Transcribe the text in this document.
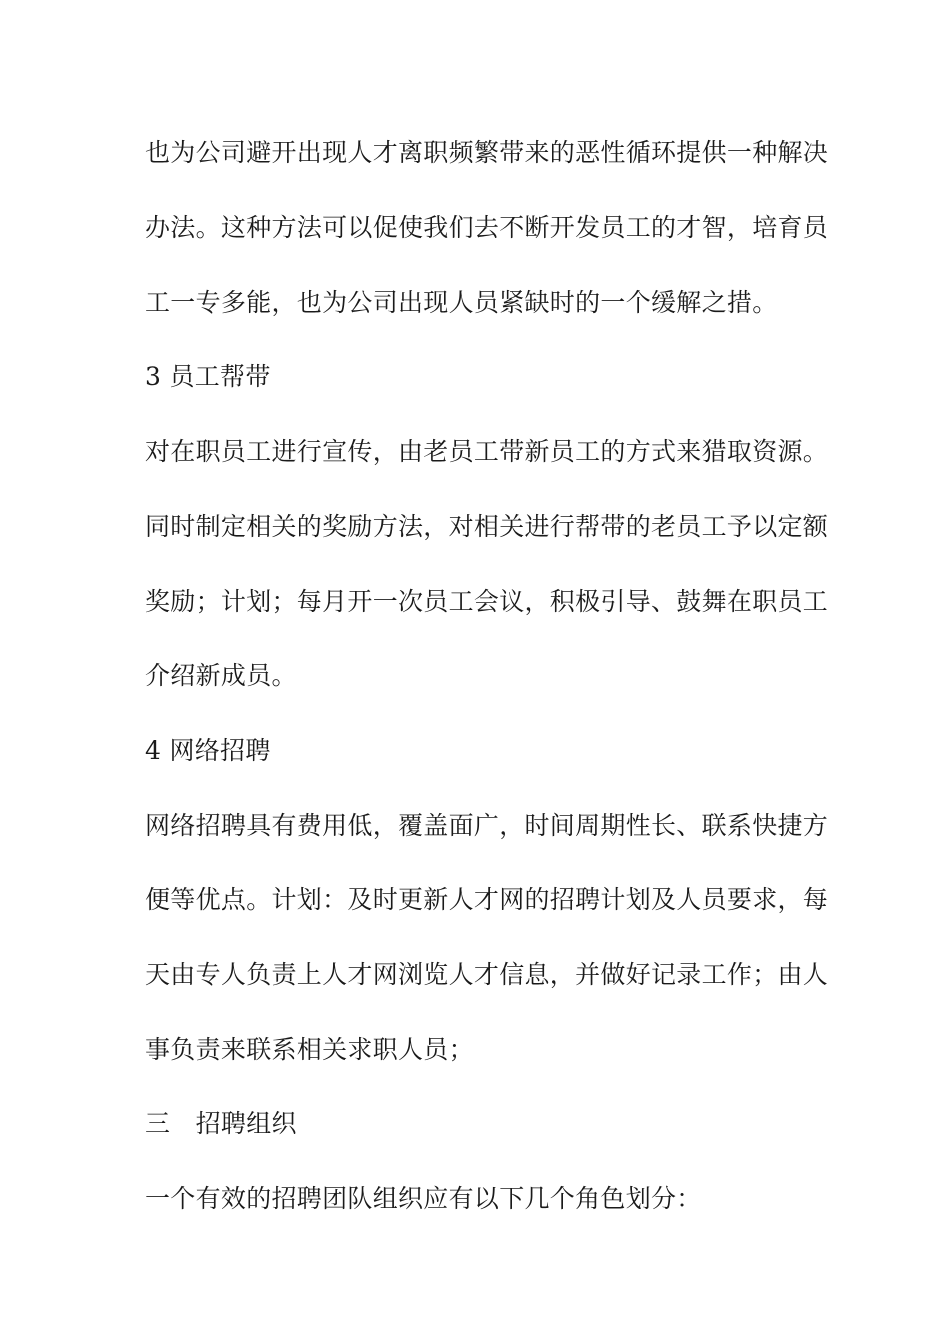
也为公司避开出现人才离职频繁带来的恶性循环提供一种解决
办法。这种方法可以促使我们去不断开发员工的才智，培育员
工一专多能，也为公司出现人员紧缺时的一个缓解之措。
3 员工帮带
对在职员工进行宣传，由老员工带新员工的方式来猎取资源。
同时制定相关的奖励方法，对相关进行帮带的老员工予以定额
奖励；计划；每月开一次员工会议，积极引导、鼓舞在职员工
介绍新成员。
4 网络招聘
网络招聘具有费用低，覆盖面广，时间周期性长、联系快捷方
便等优点。计划：及时更新人才网的招聘计划及人员要求，每
天由专人负责上人才网浏览人才信息，并做好记录工作；由人
事负责来联系相关求职人员；
三　招聘组织
一个有效的招聘团队组织应有以下几个角色划分：
